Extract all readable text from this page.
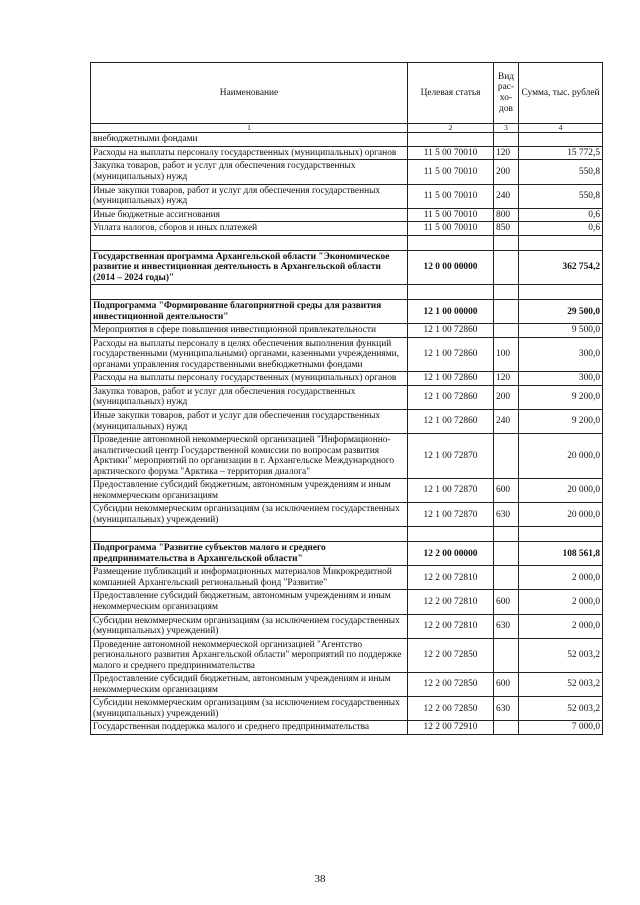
Наименование	Целевая статья	Вид рас-хо-дов	Сумма, тыс. рублей
1	2	3	4
внебюджетными фондами			
Расходы на выплаты персоналу государственных (муниципальных) органов	11 5 00 70010	120	15 772,5
Закупка товаров, работ и услуг для обеспечения государственных (муниципальных) нужд	11 5 00 70010	200	550,8
Иные закупки товаров, работ и услуг для обеспечения государственных (муниципальных) нужд	11 5 00 70010	240	550,8
Иные бюджетные ассигнования	11 5 00 70010	800	0,6
Уплата налогов, сборов и иных платежей	11 5 00 70010	850	0,6

Государственная программа Архангельской области "Экономическое развитие и инвестиционная деятельность в Архангельской области (2014 – 2024 годы)"	12 0 00 00000		362 754,2

Подпрограмма "Формирование благоприятной среды для развития инвестиционной деятельности"	12 1 00 00000		29 500,0
Мероприятия в сфере повышения инвестиционной привлекательности	12 1 00 72860		9 500,0
Расходы на выплаты персоналу в целях обеспечения выполнения функций государственными (муниципальными) органами, казенными учреждениями, органами управления государственными внебюджетными фондами	12 1 00 72860	100	300,0
Расходы на выплаты персоналу государственных (муниципальных) органов	12 1 00 72860	120	300,0
Закупка товаров, работ и услуг для обеспечения государственных (муниципальных) нужд	12 1 00 72860	200	9 200,0
Иные закупки товаров, работ и услуг для обеспечения государственных (муниципальных) нужд	12 1 00 72860	240	9 200,0
Проведение автономной некоммерческой организацией "Информационно-аналитический центр Государственной комиссии по вопросам развития Арктики" мероприятий по организации в г. Архангельске Международного арктического форума "Арктика – территория диалога"	12 1 00 72870		20 000,0
Предоставление субсидий бюджетным, автономным учреждениям и иным некоммерческим организациям	12 1 00 72870	600	20 000,0
Субсидии некоммерческим организациям (за исключением государственных (муниципальных) учреждений)	12 1 00 72870	630	20 000,0

Подпрограмма "Развитие субъектов малого и среднего предпринимательства в Архангельской области"	12 2 00 00000		108 561,8
Размещение публикаций и информационных материалов Микрокредитной компанией Архангельский региональный фонд "Развитие"	12 2 00 72810		2 000,0
Предоставление субсидий бюджетным, автономным учреждениям и иным некоммерческим организациям	12 2 00 72810	600	2 000,0
Субсидии некоммерческим организациям (за исключением государственных (муниципальных) учреждений)	12 2 00 72810	630	2 000,0
Проведение автономной некоммерческой организацией "Агентство регионального развития Архангельской области" мероприятий по поддержке малого и среднего предпринимательства	12 2 00 72850		52 003,2
Предоставление субсидий бюджетным, автономным учреждениям и иным некоммерческим организациям	12 2 00 72850	600	52 003,2
Субсидии некоммерческим организациям (за исключением государственных (муниципальных) учреждений)	12 2 00 72850	630	52 003,2
Государственная поддержка малого и среднего предпринимательства	12 2 00 72910		7 000,0
38
